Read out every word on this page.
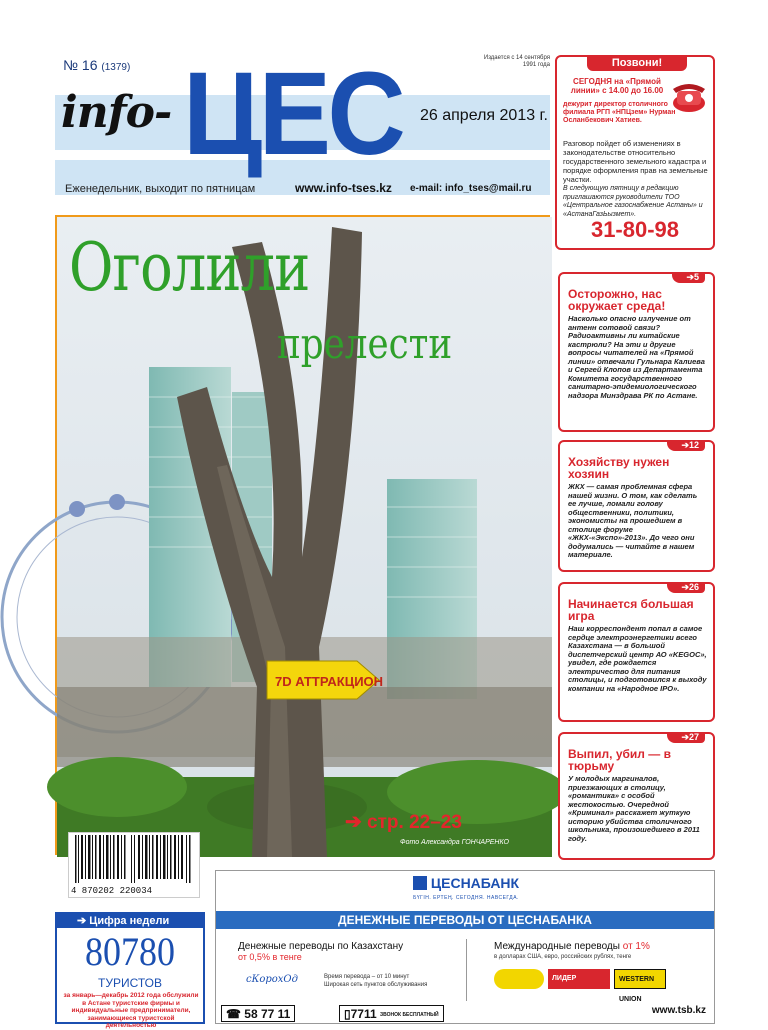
№ 16 (1379)
Издается с 14 сентября 1991 года
info- ЦЕС 26 апреля 2013 г.
Еженедельник, выходит по пятницам	www.info-tses.kz e-mail: info_tses@mail.ru
Позвони!
СЕГОДНЯ на «Прямой линии» с 14.00 до 16.00
дежурит директор столичного филиала РГП «НПЦзем» Нурман Осланбекович Хатиев.
Разговор пойдет об изменениях в законодательстве относительно государственного земельного кадастра и порядке оформления прав на земельные участки.
В следующую пятницу в редакцию приглашаются руководители ТОО «Центральное газоснабжение Астаны» и «АстанаГазЬызмет».
31-80-98
7D АТТРАКЦИОН
Оголили
прелести
➔ стр. 22–23
Фото Александра ГОНЧАРЕНКО
➔5
Осторожно, нас окружает среда!

Насколько опасно излучение от антенн сотовой связи? Радиоактивны ли китайские кастрюли? На эти и другие вопросы читателей на «Прямой линии» отвечали Гульнара Калиева и Сергей Клопов из Департамента Комитета государственного санитарно-эпидемиологического надзора Минздрава РК по Астане.

➔12
Хозяйству нужен хозяин

ЖКХ — самая проблемная сфера нашей жизни. О том, как сделать ее лучше, ломали голову общественники, политики, экономисты на прошедшем в столице форуме «ЖКХ-«Экспо»-2013». До чего они додумались — читайте в нашем материале.

➔26
Начинается большая игра

Наш корреспондент попал в самое сердце электроэнергетики всего Казахстана — в большой диспетчерский центр АО «KEGOC», увидел, где рождается электричество для питания столицы, и подготовился к выходу компании на «Народное IPO».

➔27
Выпил, убил — в тюрьму

У молодых маргиналов, приезжающих в столицу, «романтика» с особой жестокостью. Очередной «Криминал» расскажет жуткую историю убийства столичного школьника, произошедшего в 2011 году.

4 870202 220034
➔ Цифра недели
80780
ТУРИСТОВ
за январь—декабрь 2012 года обслужили в Астане туристские фирмы и индивидуальные предприниматели, занимающиеся туристской деятельностью
ЦЕСНАБАНК
БҮГІН. ЕРТЕҢ. СЕГОДНЯ. НАВСЕГДА.
ДЕНЕЖНЫЕ ПЕРЕВОДЫ ОТ ЦЕСНАБАНКА
Денежные переводы по Казахстану
от 0,5% в тенге
сКорохОд	Время перевода – от 10 минут
Широкая сеть пунктов обслуживания
Международные переводы от 1%
в долларах США, евро, российских рублях, тенге
ЛИДЕР	WESTERN UNION
☎ 58 77 11	▯7711 ЗВОНОК БЕСПЛАТНЫЙ	www.tsb.kz
